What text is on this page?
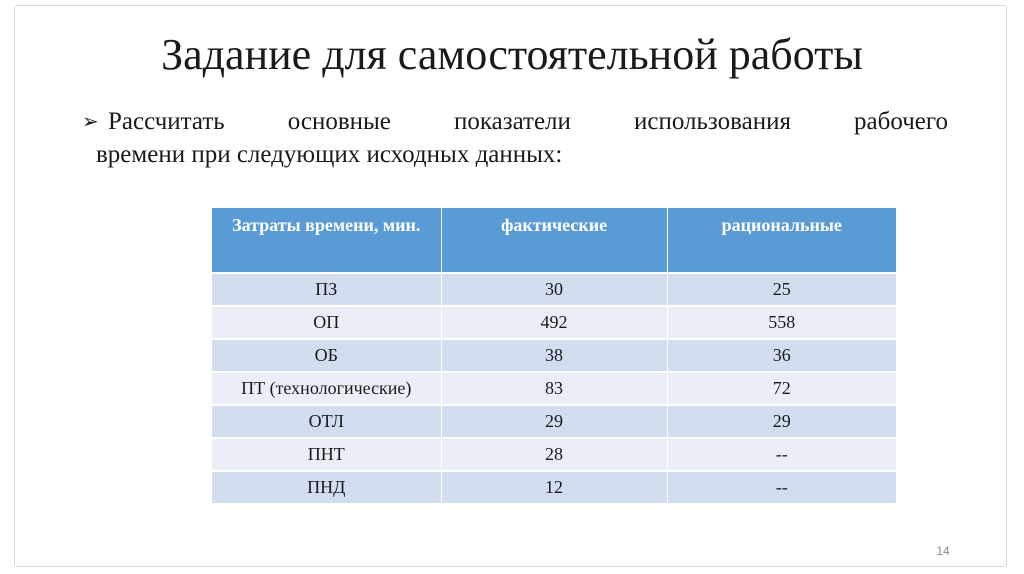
Задание для самостоятельной работы
➢ Рассчитать основные показатели использования рабочего
времени при следующих исходных данных:
Затраты времени, мин.	фактические	рациональные
ПЗ	30	25
ОП	492	558
ОБ	38	36
ПТ (технологические)	83	72
ОТЛ	29	29
ПНТ	28	--
ПНД	12	--
14
